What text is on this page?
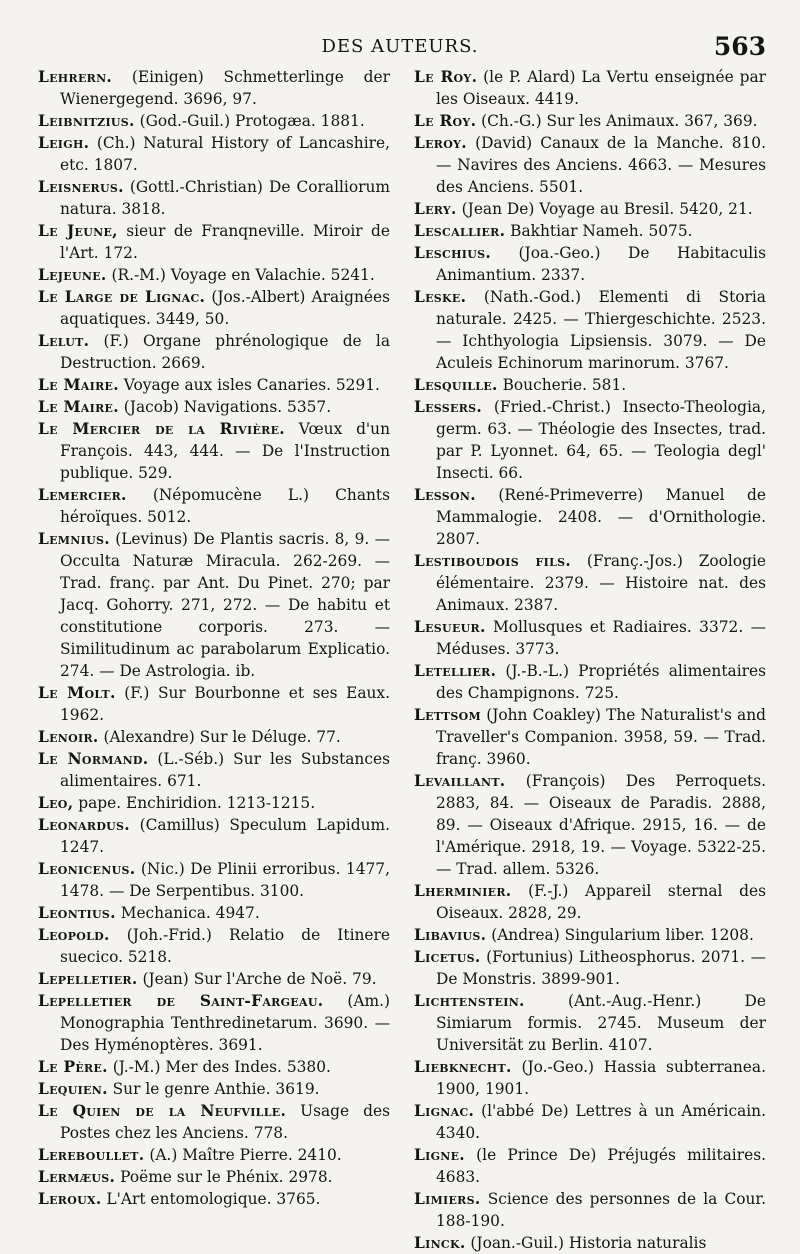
DES AUTEURS.	563

Lehrern. (Einigen) Schmetterlinge der Wienergegend. 3696, 97.

Leibnitzius. (God.-Guil.) Protogæa. 1881.

Leigh. (Ch.) Natural History of Lancashire, etc. 1807.

Leisnerus. (Gottl.-Christian) De Coralliorum natura. 3818.

Le Jeune, sieur de Franqneville. Miroir de l'Art. 172.

Lejeune. (R.-M.) Voyage en Valachie. 5241.

Le Large de Lignac. (Jos.-Albert) Araignées aquatiques. 3449, 50.

Lelut. (F.) Organe phrénologique de la Destruction. 2669.

Le Maire. Voyage aux isles Canaries. 5291.

Le Maire. (Jacob) Navigations. 5357.

Le Mercier de la Rivière. Vœux d'un François. 443, 444. — De l'Instruction publique. 529.

Lemercier. (Népomucène L.) Chants héroïques. 5012.

Lemnius. (Levinus) De Plantis sacris. 8, 9. — Occulta Naturæ Miracula. 262-269. — Trad. franç. par Ant. Du Pinet. 270; par Jacq. Gohorry. 271, 272. — De habitu et constitutione corporis. 273. — Similitudinum ac parabolarum Explicatio. 274. — De Astrologia. ib.

Le Molt. (F.) Sur Bourbonne et ses Eaux. 1962.

Lenoir. (Alexandre) Sur le Déluge. 77.

Le Normand. (L.-Séb.) Sur les Substances alimentaires. 671.

Leo, pape. Enchiridion. 1213-1215.

Leonardus. (Camillus) Speculum Lapidum. 1247.

Leonicenus. (Nic.) De Plinii erroribus. 1477, 1478. — De Serpentibus. 3100.

Leontius. Mechanica. 4947.

Leopold. (Joh.-Frid.) Relatio de Itinere suecico. 5218.

Lepelletier. (Jean) Sur l'Arche de Noë. 79.

Lepelletier de Saint-Fargeau. (Am.) Monographia Tenthredinetarum. 3690. — Des Hyménoptères. 3691.

Le Père. (J.-M.) Mer des Indes. 5380.

Lequien. Sur le genre Anthie. 3619.

Le Quien de la Neufville. Usage des Postes chez les Anciens. 778.

Lereboullet. (A.) Maître Pierre. 2410.

Lermæus. Poëme sur le Phénix. 2978.

Leroux. L'Art entomologique. 3765.

Le Roy. (le P. Alard) La Vertu enseignée par les Oiseaux. 4419.

Le Roy. (Ch.-G.) Sur les Animaux. 367, 369.

Leroy. (David) Canaux de la Manche. 810. — Navires des Anciens. 4663. — Mesures des Anciens. 5501.

Lery. (Jean De) Voyage au Bresil. 5420, 21.

Lescallier. Bakhtiar Nameh. 5075.

Leschius. (Joa.-Geo.) De Habitaculis Animantium. 2337.

Leske. (Nath.-God.) Elementi di Storia naturale. 2425. — Thiergeschichte. 2523. — Ichthyologia Lipsiensis. 3079. — De Aculeis Echinorum marinorum. 3767.

Lesquille. Boucherie. 581.

Lessers. (Fried.-Christ.) Insecto-Theologia, germ. 63. — Théologie des Insectes, trad. par P. Lyonnet. 64, 65. — Teologia degl' Insecti. 66.

Lesson. (René-Primeverre) Manuel de Mammalogie. 2408. — d'Ornithologie. 2807.

Lestiboudois fils. (Franç.-Jos.) Zoologie élémentaire. 2379. — Histoire nat. des Animaux. 2387.

Lesueur. Mollusques et Radiaires. 3372. — Méduses. 3773.

Letellier. (J.-B.-L.) Propriétés alimentaires des Champignons. 725.

Lettsom (John Coakley) The Naturalist's and Traveller's Companion. 3958, 59. — Trad. franç. 3960.

Levaillant. (François) Des Perroquets. 2883, 84. — Oiseaux de Paradis. 2888, 89. — Oiseaux d'Afrique. 2915, 16. — de l'Amérique. 2918, 19. — Voyage. 5322-25. — Trad. allem. 5326.

Lherminier. (F.-J.) Appareil sternal des Oiseaux. 2828, 29.

Libavius. (Andrea) Singularium liber. 1208.

Licetus. (Fortunius) Litheosphorus. 2071. — De Monstris. 3899-901.

Lichtenstein.	(Ant.-Aug.-Henr.) De Simiarum formis. 2745. Museum der Universität zu Berlin. 4107.

Liebknecht. (Jo.-Geo.) Hassia subterranea. 1900, 1901.

Lignac. (l'abbé De) Lettres à un Américain. 4340.

Ligne. (le Prince De) Préjugés militaires. 4683.

Limiers. Science des personnes de la Cour. 188-190.

Linck. (Joan.-Guil.) Historia naturalis
